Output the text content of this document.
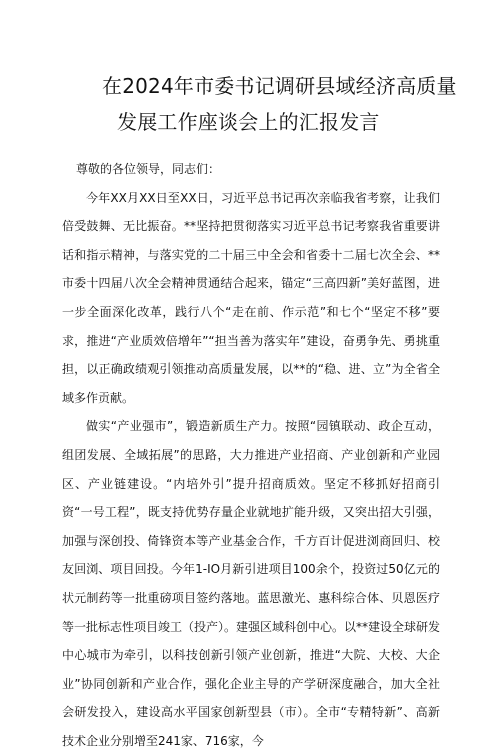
在2024年市委书记调研县域经济高质量
发展工作座谈会上的汇报发言

尊敬的各位领导，同志们：

今年XX月XX日至XX日，习近平总书记再次亲临我省考察，让我们倍受鼓舞、无比振奋。**坚持把贯彻落实习近平总书记考察我省重要讲话和指示精神，与落实党的二十届三中全会和省委十二届七次全会、**市委十四届八次全会精神贯通结合起来，锚定“三高四新”美好蓝图，进一步全面深化改革，践行八个“走在前、作示范”和七个“坚定不移”要求，推进“产业质效倍增年”“担当善为落实年”建设，奋勇争先、勇挑重担，以正确政绩观引领推动高质量发展，以**的“稳、进、立”为全省全域多作贡献。

做实“产业强市”，锻造新质生产力。按照“园镇联动、政企互动，组团发展、全域拓展”的思路，大力推进产业招商、产业创新和产业园区、产业链建设。“内培外引”提升招商质效。坚定不移抓好招商引资“一号工程”，既支持优势存量企业就地扩能升级，又突出招大引强，加强与深创投、倚锋资本等产业基金合作，千方百计促进浏商回归、校友回浏、项目回投。今年1-IO月新引进项目100余个，投资过50亿元的状元制药等一批重磅项目签约落地。蓝思激光、惠科综合体、贝恩医疗等一批标志性项目竣工（投产）。建强区域科创中心。以**建设全球研发中心城市为牵引，以科技创新引领产业创新，推进“大院、大校、大企业”协同创新和产业合作，强化企业主导的产学研深度融合，加大全社会研发投入，建设高水平国家创新型县（市）。全市“专精特新”、高新技术企业分别增至241家、716家，今
